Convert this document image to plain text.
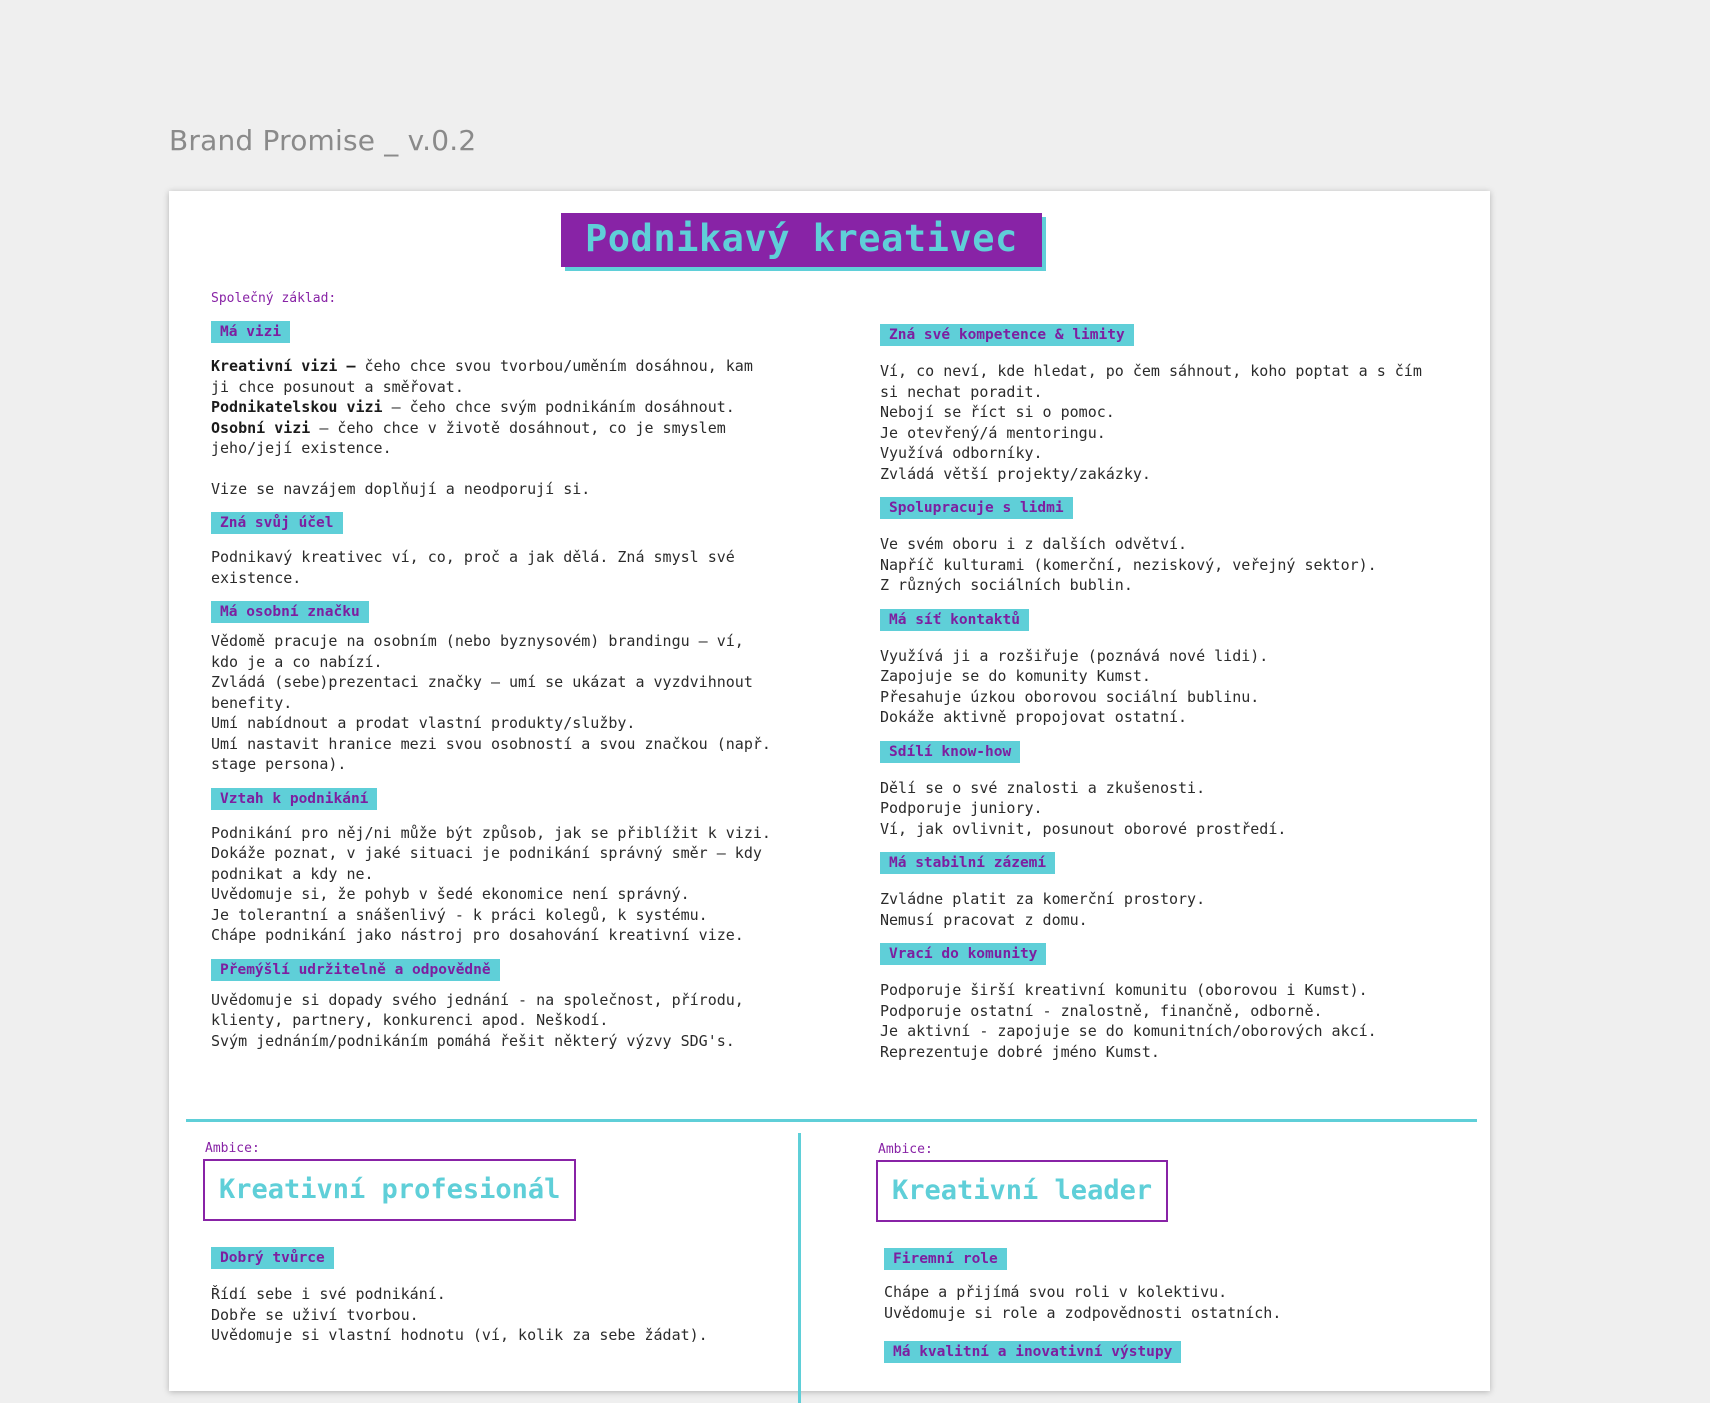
Brand Promise _ v.0.2
Podnikavý kreativec
Společný základ:
Má vizi

Kreativní vizi – čeho chce svou tvorbou/uměním dosáhnou, kam
ji chce posunout a směřovat.

Podnikatelskou vizi – čeho chce svým podnikáním dosáhnout.

Osobní vizi – čeho chce v životě dosáhnout, co je smyslem
jeho/její existence.

Vize se navzájem doplňují a neodporují si.

Zná svůj účel

Podnikavý kreativec ví, co, proč a jak dělá. Zná smysl své
existence.

Má osobní značku

Vědomě pracuje na osobním (nebo byznysovém) brandingu – ví,
kdo je a co nabízí.
Zvládá (sebe)prezentaci značky – umí se ukázat a vyzdvihnout
benefity.
Umí nabídnout a prodat vlastní produkty/služby.
Umí nastavit hranice mezi svou osobností a svou značkou (např.
stage persona).

Vztah k podnikání

Podnikání pro něj/ni může být způsob, jak se přiblížit k vizi.
Dokáže poznat, v jaké situaci je podnikání správný směr – kdy
podnikat a kdy ne.
Uvědomuje si, že pohyb v šedé ekonomice není správný.
Je tolerantní a snášenlivý - k práci kolegů, k systému.
Chápe podnikání jako nástroj pro dosahování kreativní vize.

Přemýšlí udržitelně a odpovědně

Uvědomuje si dopady svého jednání - na společnost, přírodu,
klienty, partnery, konkurenci apod. Neškodí.
Svým jednáním/podnikáním pomáhá řešit některý výzvy SDG's.

Zná své kompetence & limity

Ví, co neví, kde hledat, po čem sáhnout, koho poptat a s čím
si nechat poradit.
Nebojí se říct si o pomoc.
Je otevřený/á mentoringu.
Využívá odborníky.
Zvládá větší projekty/zakázky.

Spolupracuje s lidmi

Ve svém oboru i z dalších odvětví.
Napříč kulturami (komerční, neziskový, veřejný sektor).
Z různých sociálních bublin.

Má síť kontaktů

Využívá ji a rozšiřuje (poznává nové lidi).
Zapojuje se do komunity Kumst.
Přesahuje úzkou oborovou sociální bublinu.
Dokáže aktivně propojovat ostatní.

Sdílí know-how

Dělí se o své znalosti a zkušenosti.
Podporuje juniory.
Ví, jak ovlivnit, posunout oborové prostředí.

Má stabilní zázemí

Zvládne platit za komerční prostory.
Nemusí pracovat z domu.

Vrací do komunity

Podporuje širší kreativní komunitu (oborovou i Kumst).
Podporuje ostatní - znalostně, finančně, odborně.
Je aktivní - zapojuje se do komunitních/oborových akcí.
Reprezentuje dobré jméno Kumst.

Ambice:
Kreativní profesionál
Dobrý tvůrce

Řídí sebe i své podnikání.
Dobře se uživí tvorbou.
Uvědomuje si vlastní hodnotu (ví, kolik za sebe žádat).

Ambice:
Kreativní leader
Firemní role

Chápe a přijímá svou roli v kolektivu.
Uvědomuje si role a zodpovědnosti ostatních.

Má kvalitní a inovativní výstupy
